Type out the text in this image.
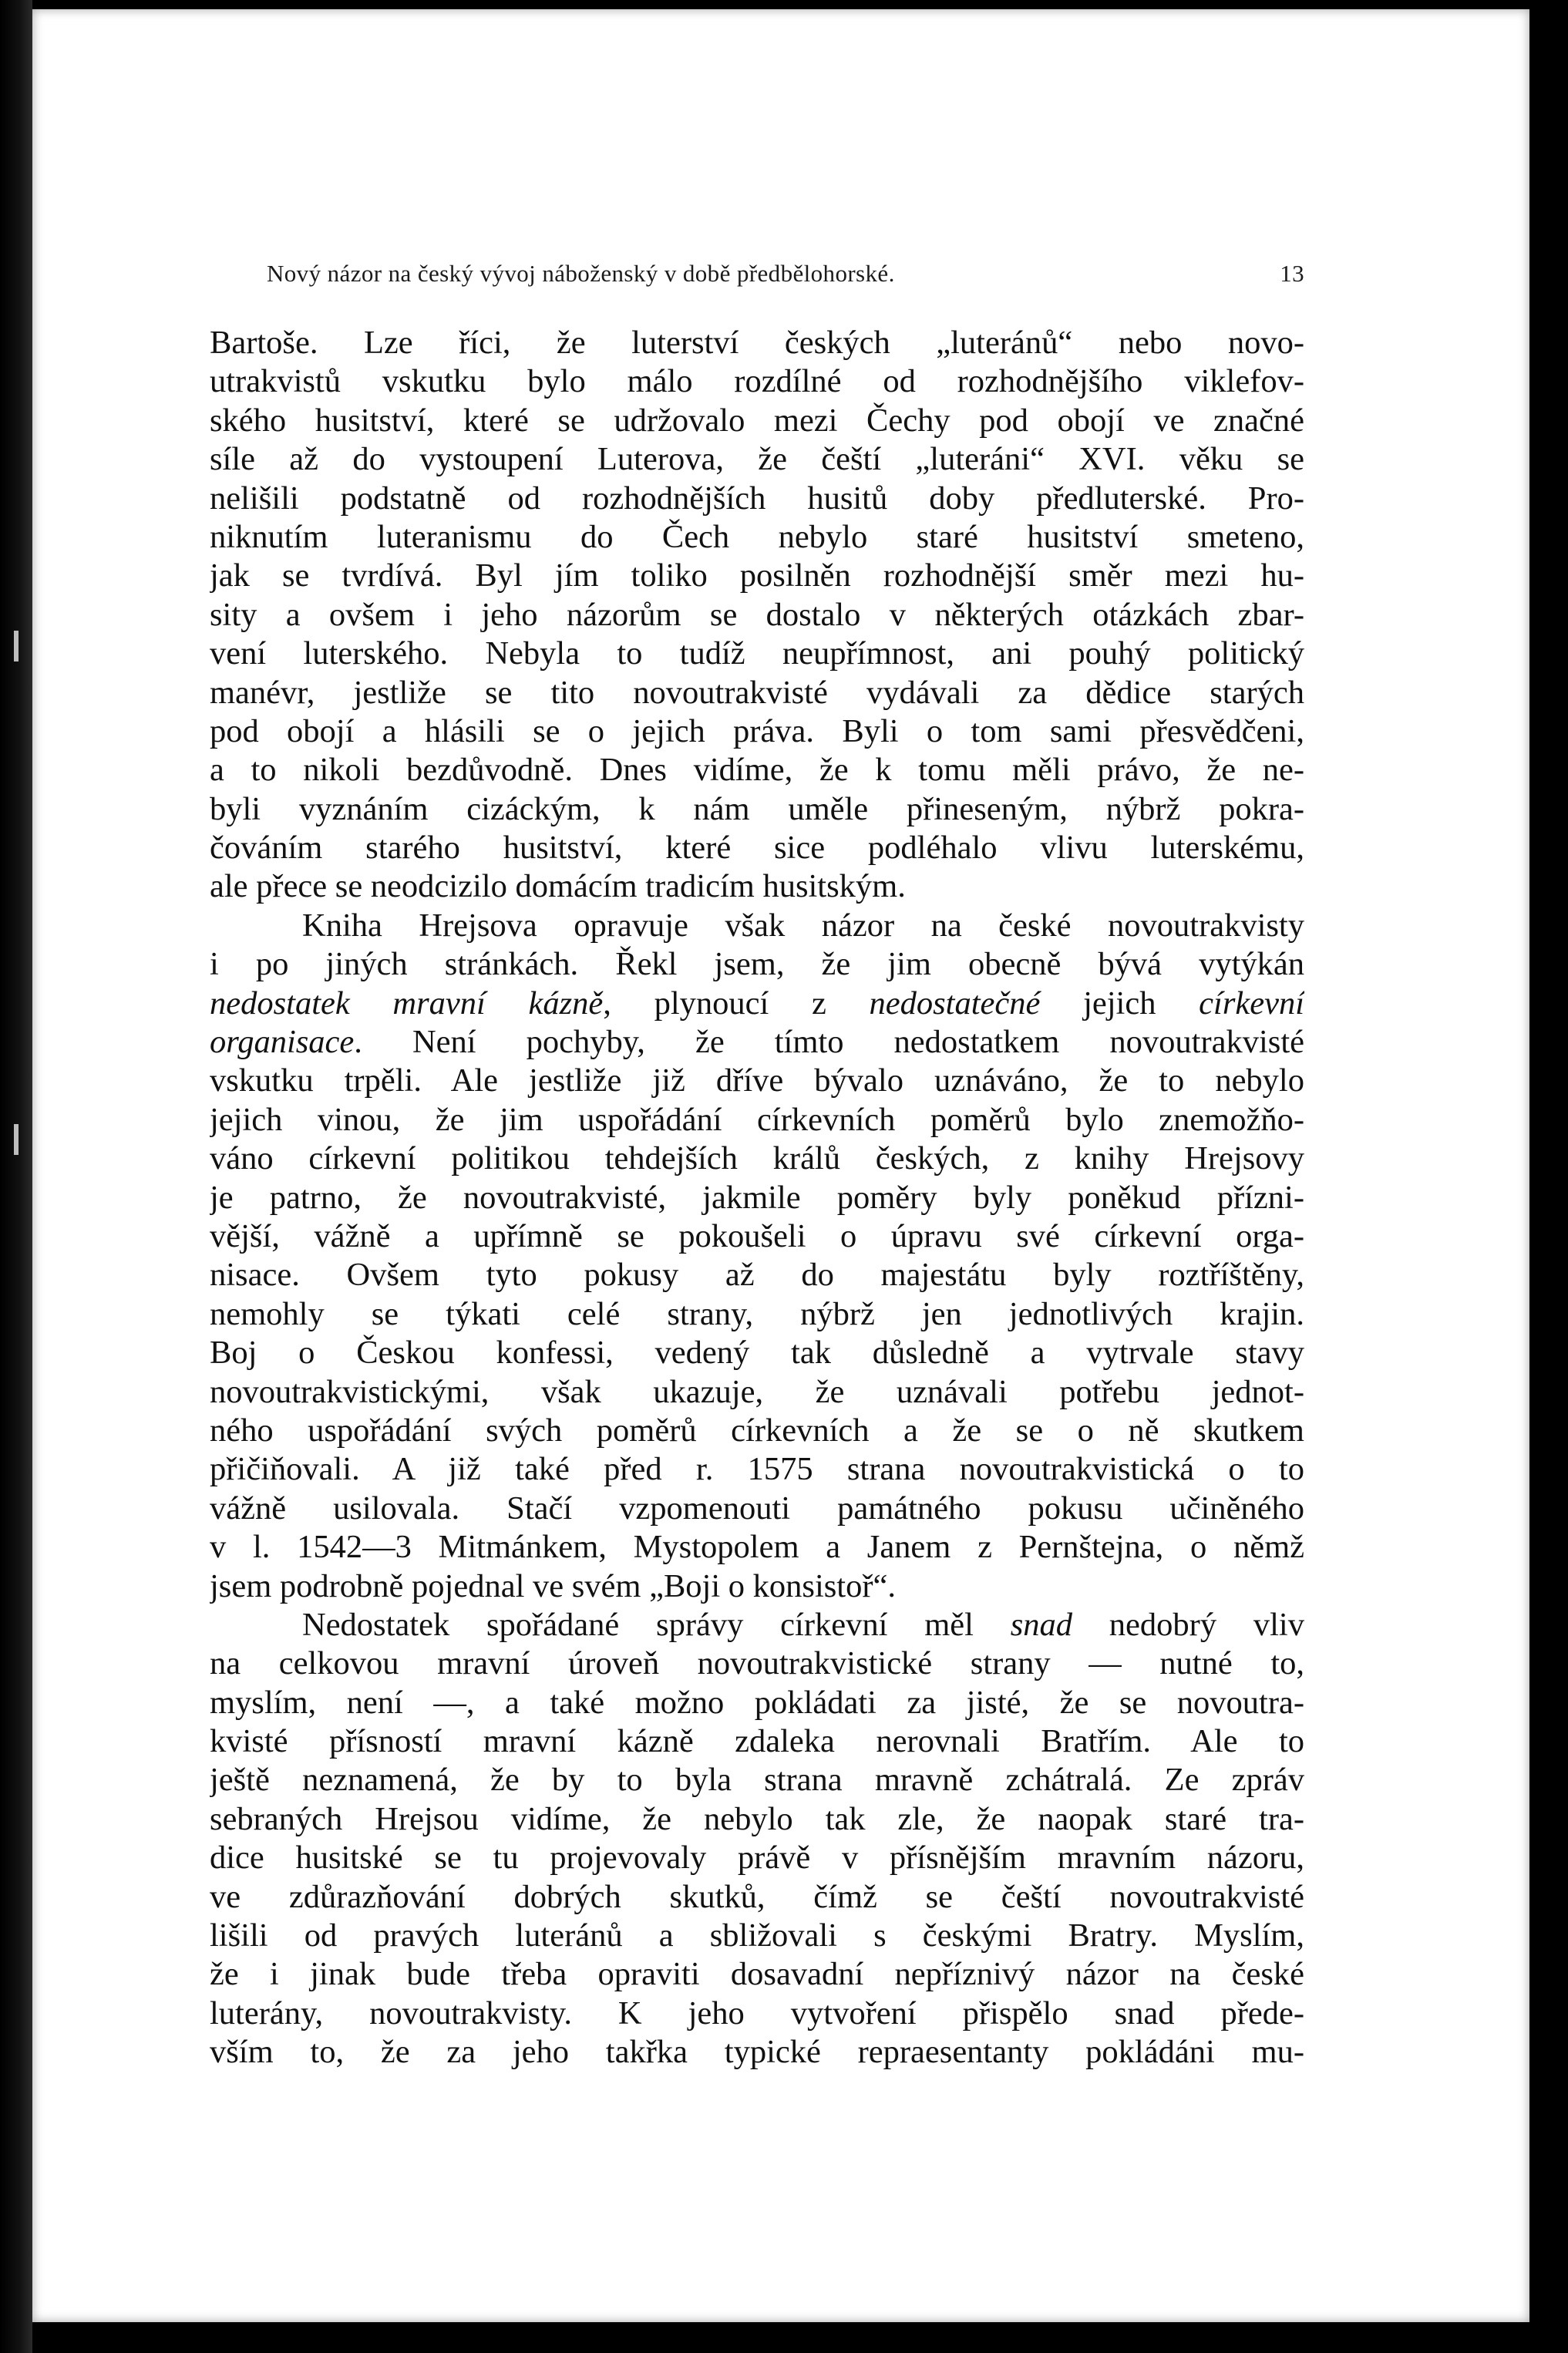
Nový názor na český vývoj náboženský v době předbělohorské.	13
Bartoše. Lze říci, že luterství českých „luteránů“ nebo novo-
utrakvistů vskutku bylo málo rozdílné od rozhodnějšího viklefov-
ského husitství, které se udržovalo mezi Čechy pod obojí ve značné
síle až do vystoupení Luterova, že čeští „luteráni“ XVI. věku se
nelišili podstatně od rozhodnějších husitů doby předluterské. Pro-
niknutím luteranismu do Čech nebylo staré husitství smeteno,
jak se tvrdívá. Byl jím toliko posilněn rozhodnější směr mezi hu-
sity a ovšem i jeho názorům se dostalo v některých otázkách zbar-
vení luterského. Nebyla to tudíž neupřímnost, ani pouhý politický
manévr, jestliže se tito novoutrakvisté vydávali za dědice starých
pod obojí a hlásili se o jejich práva. Byli o tom sami přesvědčeni,
a to nikoli bezdůvodně. Dnes vidíme, že k tomu měli právo, že ne-
byli vyznáním cizáckým, k nám uměle přineseným, nýbrž pokra-
čováním starého husitství, které sice podléhalo vlivu luterskému,
ale přece se neodcizilo domácím tradicím husitským.
Kniha Hrejsova opravuje však názor na české novoutrakvisty
i po jiných stránkách. Řekl jsem, že jim obecně bývá vytýkán
nedostatek mravní kázně, plynoucí z nedostatečné jejich církevní
organisace. Není pochyby, že tímto nedostatkem novoutrakvisté
vskutku trpěli. Ale jestliže již dříve bývalo uznáváno, že to nebylo
jejich vinou, že jim uspořádání církevních poměrů bylo znemožňo-
váno církevní politikou tehdejších králů českých, z knihy Hrejsovy
je patrno, že novoutrakvisté, jakmile poměry byly poněkud přízni-
vější, vážně a upřímně se pokoušeli o úpravu své církevní orga-
nisace. Ovšem tyto pokusy až do majestátu byly roztříštěny,
nemohly se týkati celé strany, nýbrž jen jednotlivých krajin.
Boj o Českou konfessi, vedený tak důsledně a vytrvale stavy
novoutrakvistickými, však ukazuje, že uznávali potřebu jednot-
ného uspořádání svých poměrů církevních a že se o ně skutkem
přičiňovali. A již také před r. 1575 strana novoutrakvistická o to
vážně usilovala. Stačí vzpomenouti památného pokusu učiněného
v l. 1542—3 Mitmánkem, Mystopolem a Janem z Pernštejna, o němž
jsem podrobně pojednal ve svém „Boji o konsistoř“.
Nedostatek spořádané správy církevní měl snad nedobrý vliv
na celkovou mravní úroveň novoutrakvistické strany — nutné to,
myslím, není —, a také možno pokládati za jisté, že se novoutra-
kvisté přísností mravní kázně zdaleka nerovnali Bratřím. Ale to
ještě neznamená, že by to byla strana mravně zchátralá. Ze zpráv
sebraných Hrejsou vidíme, že nebylo tak zle, že naopak staré tra-
dice husitské se tu projevovaly právě v přísnějším mravním názoru,
ve zdůrazňování dobrých skutků, čímž se čeští novoutrakvisté
lišili od pravých luteránů a sbližovali s českými Bratry. Myslím,
že i jinak bude třeba opraviti dosavadní nepříznivý názor na české
luterány, novoutrakvisty. K jeho vytvoření přispělo snad přede-
vším to, že za jeho takřka typické repraesentanty pokládáni mu-
